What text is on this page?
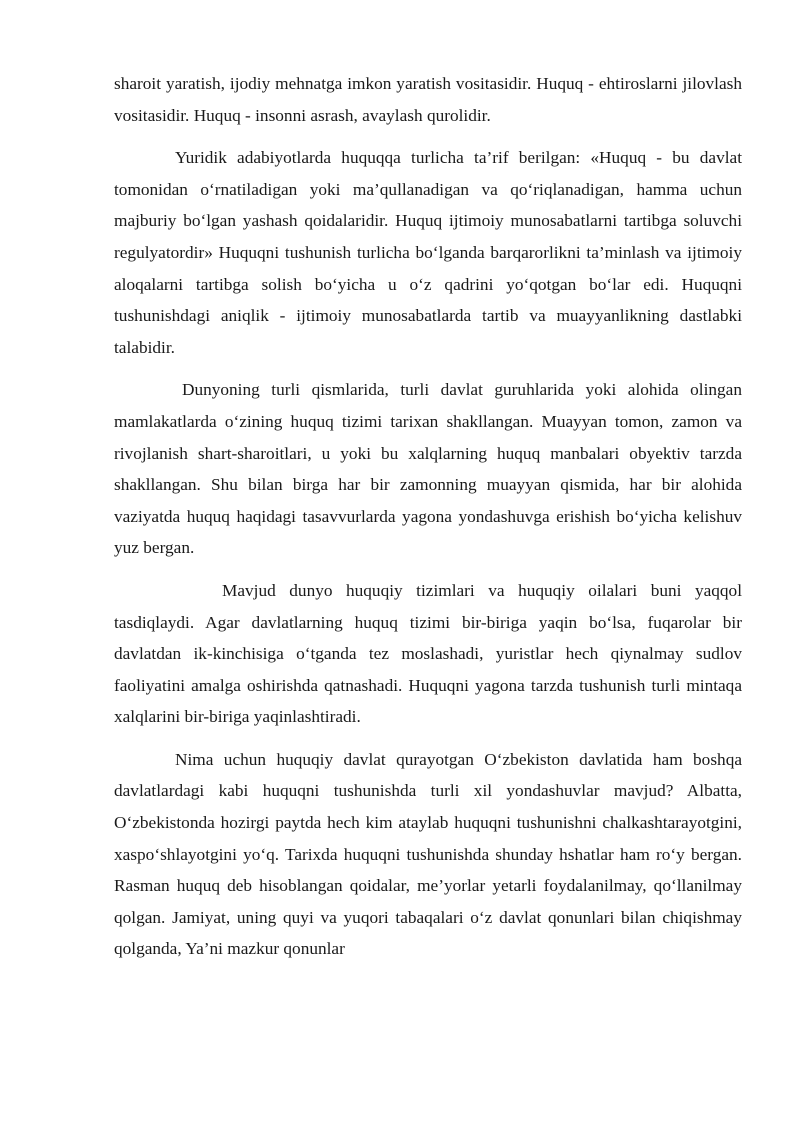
sharoit yaratish, ijodiy mehnatga imkon yaratish vositasidir. Huquq - ehtiroslarni jilovlash vositasidir. Huquq - insonni asrash, avaylash qurolidir.

Yuridik adabiyotlarda huquqqa turlicha ta’rif berilgan: «Huquq - bu davlat tomonidan oʻrnatiladigan yoki ma’qullanadigan va qoʻriqlanadigan, hamma uchun majburiy boʻlgan yashash qoidalaridir. Huquq ijtimoiy munosabatlarni tartibga soluvchi regulyatordir» Huquqni tushunish turlicha boʻlganda barqarorlikni ta’minlash va ijtimoiy aloqalarni tartibga solish boʻyicha u oʻz qadrini yoʻqotgan boʻlar edi. Huquqni tushunishdagi aniqlik - ijtimoiy munosabatlarda tartib va muayyanlikning dastlabki talabidir.

Dunyoning turli qismlarida, turli davlat guruhlarida yoki alohida olingan mamlakatlarda oʻzining huquq tizimi tarixan shakllangan. Muayyan tomon, zamon va rivojlanish shart-sharoitlari, u yoki bu xalqlarning huquq manbalari obyektiv tarzda shakllangan. Shu bilan birga har bir zamonning muayyan qismida, har bir alohida vaziyatda huquq haqidagi tasavvurlarda yagona yondashuvga erishish boʻyicha kelishuv yuz bergan.

Mavjud dunyo huquqiy tizimlari va huquqiy oilalari buni yaqqol tasdiqlaydi. Agar davlatlarning huquq tizimi bir-biriga yaqin boʻlsa, fuqarolar bir davlatdan ik-kinchisiga oʻtganda tez moslashadi, yuristlar hech qiynalmay sudlov faoliyatini amalga oshirishda qatnashadi. Huquqni yagona tarzda tushunish turli mintaqa xalqlarini bir-biriga yaqinlashtiradi.

Nima uchun huquqiy davlat qurayotgan Oʻzbekiston davlatida ham boshqa davlatlardagi kabi huquqni tushunishda turli xil yondashuvlar mavjud? Albatta, Oʻzbekistonda hozirgi paytda hech kim ataylab huquqni tushunishni chalkashtarayotgini, xaspoʻshlayotgini yoʻq. Tarixda huquqni tushunishda shunday hshatlar ham roʻy bergan. Rasman huquq deb hisoblangan qoidalar, me’yorlar yetarli foydalanilmay, qoʻllanilmay qolgan. Jamiyat, uning quyi va yuqori tabaqalari oʻz davlat qonunlari bilan chiqishmay qolganda, Ya’ni mazkur qonunlar
